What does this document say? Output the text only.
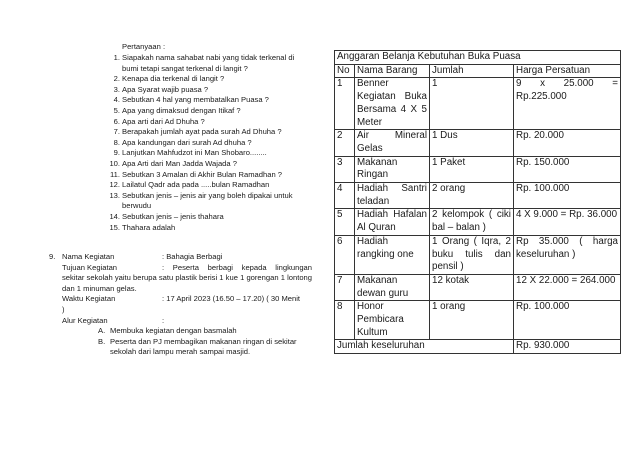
Pertanyaan :
1. Siapakah nama sahabat nabi yang tidak terkenal di bumi tetapi sangat terkenal di langit ?
2. Kenapa dia terkenal di langit ?
3. Apa Syarat wajib puasa ?
4. Sebutkan 4 hal yang membatalkan Puasa ?
5. Apa yang dimaksud dengan Itikaf ?
6. Apa arti dari Ad Dhuha ?
7. Berapakah jumlah ayat pada surah Ad Dhuha ?
8. Apa kandungan dari surah Ad dhuha ?
9. Lanjutkan Mahfudzot ini Man Shobaro........
10. Apa Arti dari Man Jadda Wajada ?
11. Sebutkan 3 Amalan di Akhir Bulan Ramadhan ?
12. Lailatul Qadr ada pada .....bulan Ramadhan
13. Sebutkan jenis – jenis air yang boleh dipakai untuk berwudu
14. Sebutkan jenis – jenis thahara
15. Thahara adalah
9. Nama Kegiatan	: Bahagia Berbagi
Tujuan Kegiatan	: Peserta berbagi kepada lingkungan
sekitar sekolah yaitu berupa satu plastik berisi 1 kue 1 gorengan 1 lontong dan 1 minuman gelas.
Waktu Kegiatan	: 17 April 2023 (16.50 – 17.20) ( 30 Menit
)
Alur Kegiatan	:
A. Membuka kegiatan dengan basmalah
B. Peserta dan PJ membagikan makanan ringan di sekitar sekolah dari lampu merah sampai masjid.
Anggaran Belanja Kebutuhan Buka Puasa			
No	Nama Barang	Jumlah	Harga Persatuan
1	Benner Kegiatan Buka Bersama 4 X 5 Meter	1	9 x 25.000 = Rp.225.000
2	Air Mineral Gelas	1 Dus	Rp. 20.000
3	Makanan Ringan	1 Paket	Rp. 150.000
4	Hadiah Santri teladan	2 orang	Rp. 100.000
5	Hadiah Hafalan Al Quran	2 kelompok ( ciki bal – balan )	4 X 9.000 = Rp. 36.000
6	Hadiah rangking one	1 Orang ( Iqra, 2 buku tulis dan pensil )	Rp 35.000 ( harga keseluruhan )
7	Makanan dewan guru	12 kotak	12 X 22.000 = 264.000
8	Honor Pembicara Kultum	1 orang	Rp. 100.000
Jumlah keseluruhan			Rp. 930.000
